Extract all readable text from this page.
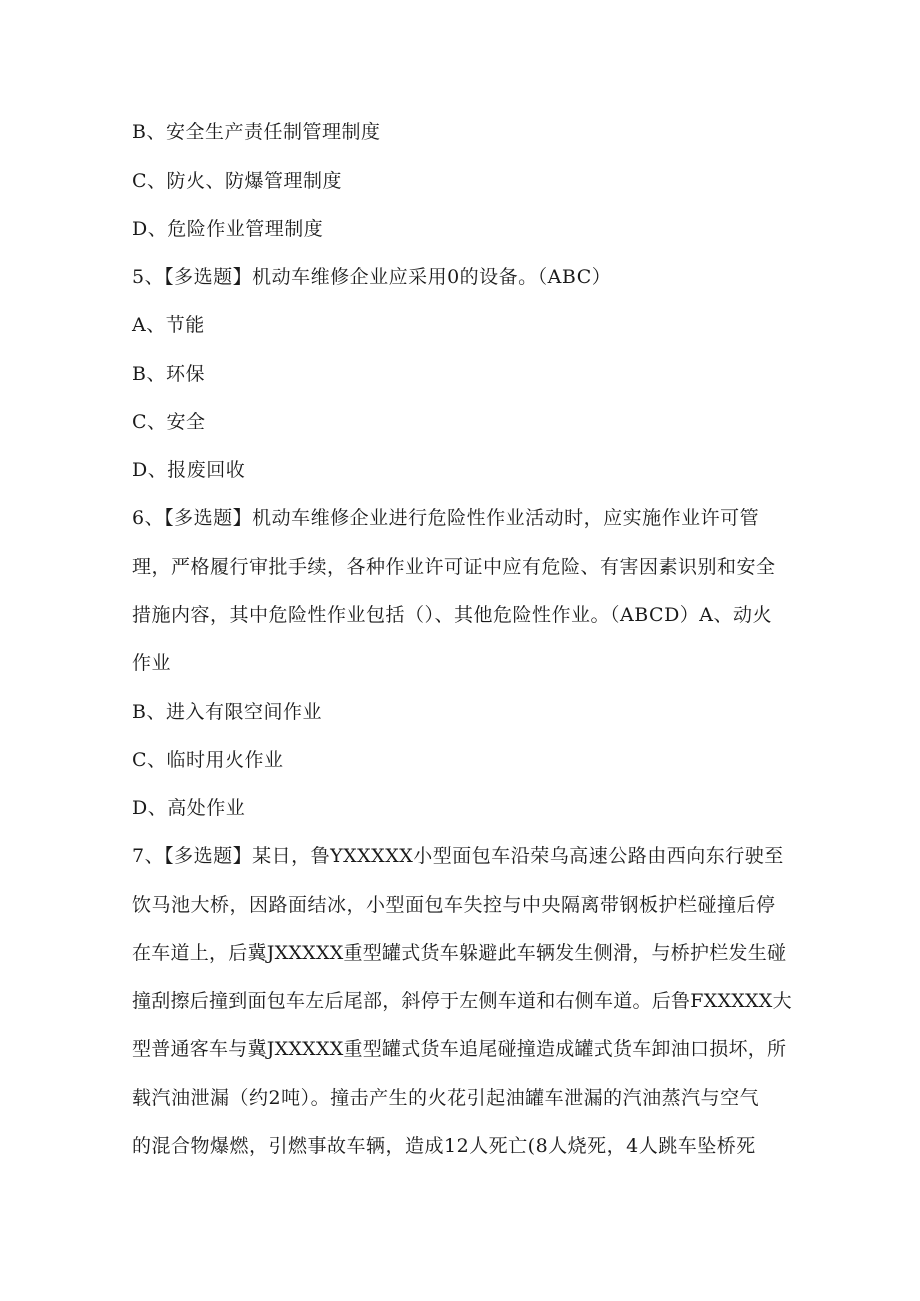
B、安全生产责任制管理制度
C、防火、防爆管理制度
D、危险作业管理制度
5、【多选题】机动车维修企业应采用0的设备。（ABC）
A、节能
B、环保
C、安全
D、报废回收
6、【多选题】机动车维修企业进行危险性作业活动时，应实施作业许可管
理，严格履行审批手续，各种作业许可证中应有危险、有害因素识别和安全
措施内容，其中危险性作业包括（）、其他危险性作业。（ABCD）A、动火
作业
B、进入有限空间作业
C、临时用火作业
D、高处作业
7、【多选题】某日，鲁YXXXXX小型面包车沿荣乌高速公路由西向东行驶至
饮马池大桥，因路面结冰，小型面包车失控与中央隔离带钢板护栏碰撞后停
在车道上，后冀JXXXXX重型罐式货车躲避此车辆发生侧滑，与桥护栏发生碰
撞刮擦后撞到面包车左后尾部，斜停于左侧车道和右侧车道。后鲁FXXXXX大
型普通客车与冀JXXXXX重型罐式货车追尾碰撞造成罐式货车卸油口损坏，所
载汽油泄漏（约2吨）。撞击产生的火花引起油罐车泄漏的汽油蒸汽与空气
的混合物爆燃，引燃事故车辆，造成12人死亡(8人烧死，4人跳车坠桥死
